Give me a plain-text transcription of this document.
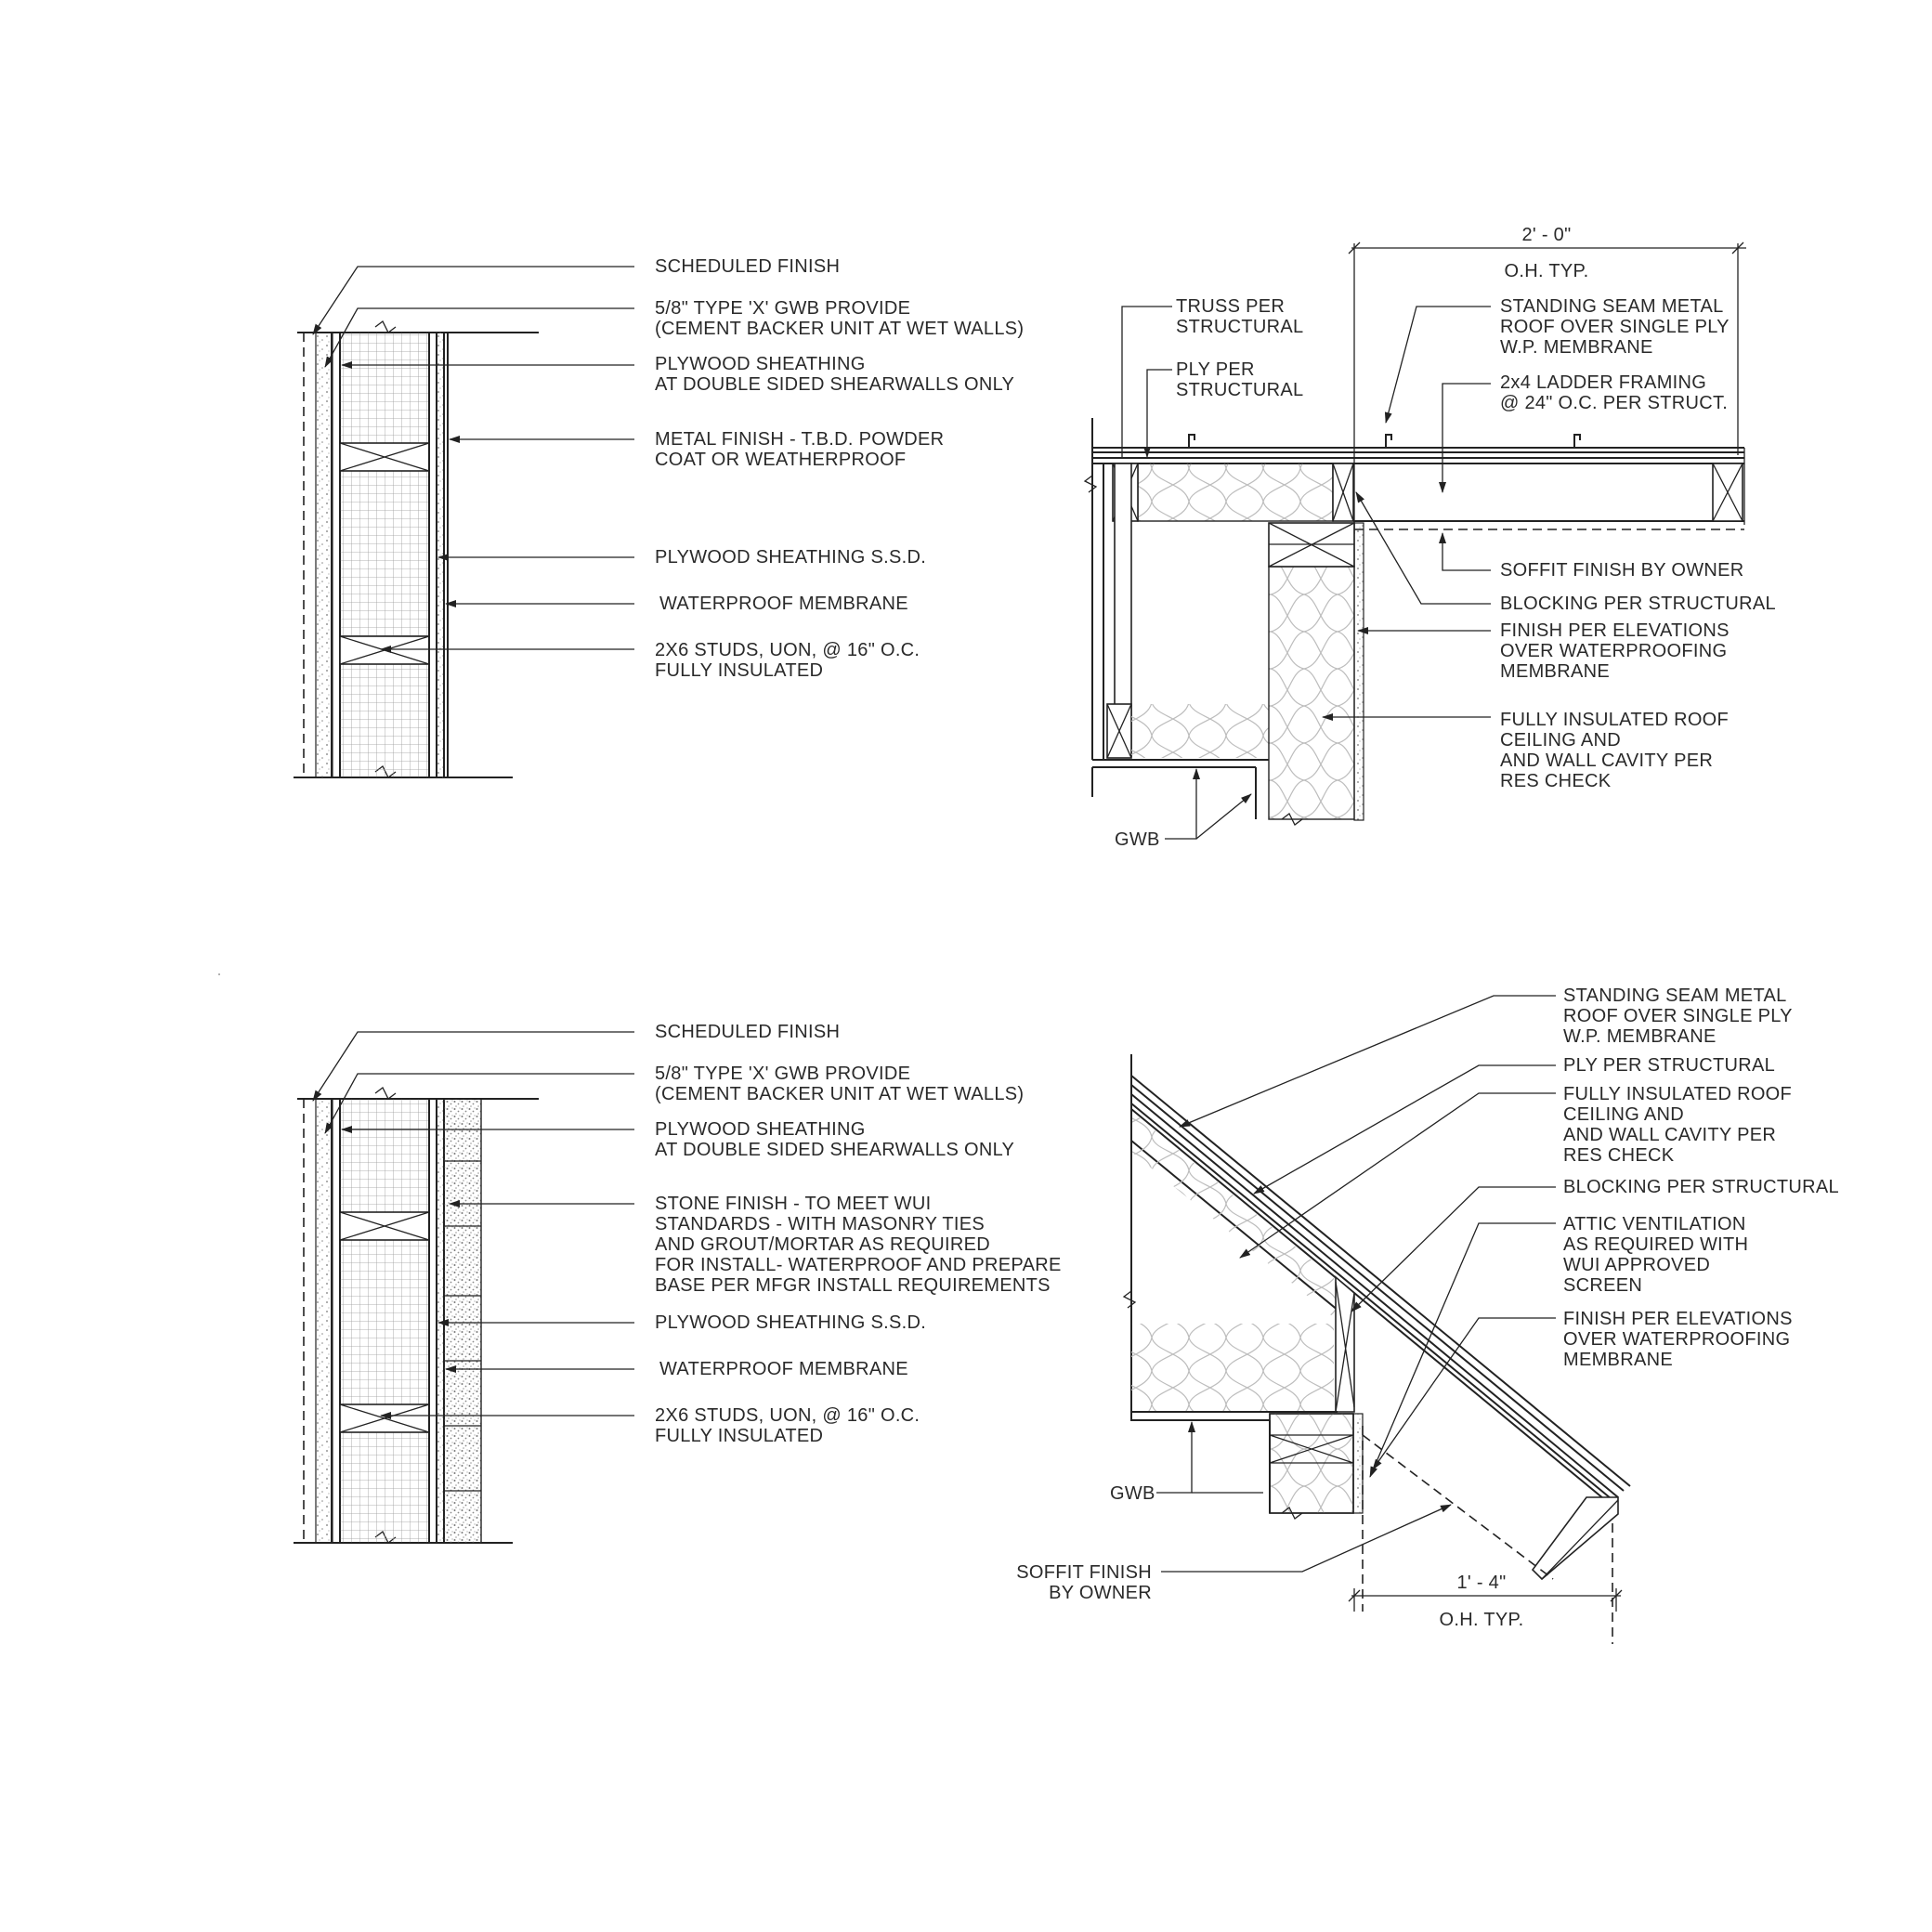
SCHEDULED FINISH
5/8" TYPE 'X' GWB PROVIDE (CEMENT BACKER UNIT AT WET WALLS)
PLYWOOD SHEATHING AT DOUBLE SIDED SHEARWALLS ONLY
METAL FINISH - T.B.D. POWDER COAT OR WEATHERPROOF
PLYWOOD SHEATHING S.S.D.
WATERPROOF MEMBRANE
2X6 STUDS, UON, @ 16" O.C. FULLY INSULATED
2' - 0"
O.H. TYP.
TRUSS PER STRUCTURAL
PLY PER STRUCTURAL
STANDING SEAM METAL ROOF OVER SINGLE PLY W.P. MEMBRANE
2x4 LADDER FRAMING @ 24" O.C. PER STRUCT.
SOFFIT FINISH BY OWNER
BLOCKING PER STRUCTURAL
FINISH PER ELEVATIONS OVER WATERPROOFING MEMBRANE
FULLY INSULATED ROOF CEILING AND AND WALL CAVITY PER RES CHECK
GWB
SCHEDULED FINISH
5/8" TYPE 'X' GWB PROVIDE (CEMENT BACKER UNIT AT WET WALLS)
PLYWOOD SHEATHING AT DOUBLE SIDED SHEARWALLS ONLY
STONE FINISH - TO MEET WUI STANDARDS - WITH MASONRY TIES AND GROUT/MORTAR AS REQUIRED FOR INSTALL- WATERPROOF AND PREPARE BASE PER MFGR INSTALL REQUIREMENTS
PLYWOOD SHEATHING S.S.D.
WATERPROOF MEMBRANE
2X6 STUDS, UON, @ 16" O.C. FULLY INSULATED
STANDING SEAM METAL ROOF OVER SINGLE PLY W.P. MEMBRANE
PLY PER STRUCTURAL
FULLY INSULATED ROOF CEILING AND AND WALL CAVITY PER RES CHECK
BLOCKING PER STRUCTURAL
ATTIC VENTILATION AS REQUIRED WITH WUI APPROVED SCREEN
FINISH PER ELEVATIONS OVER WATERPROOFING MEMBRANE
GWB
SOFFIT FINISH BY OWNER	1' - 4"
O.H. TYP.
